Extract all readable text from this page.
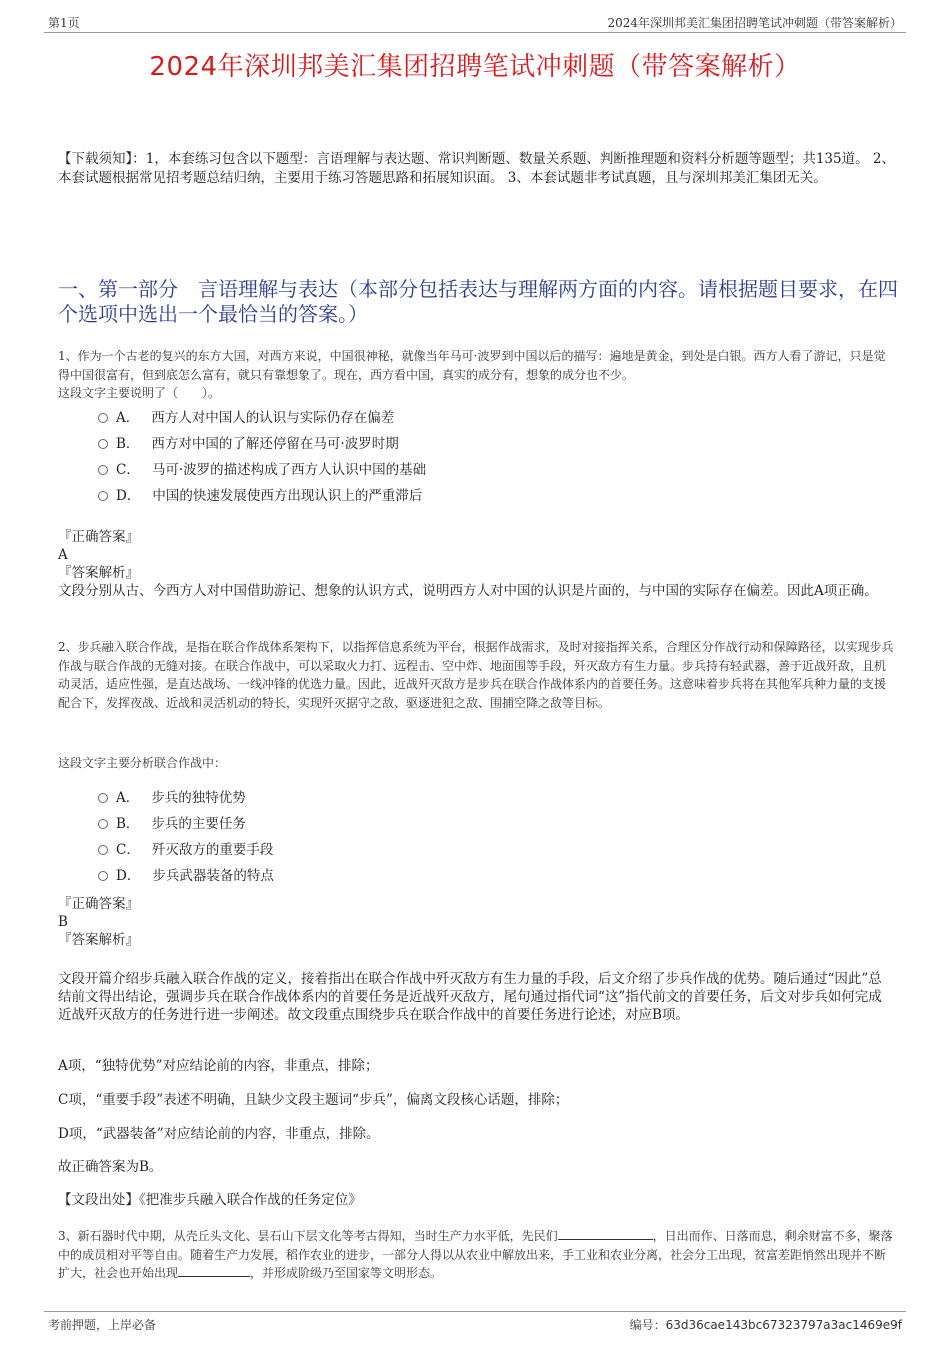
第1页	2024年深圳邦美汇集团招聘笔试冲刺题（带答案解析）
2024年深圳邦美汇集团招聘笔试冲刺题（带答案解析）
【下载须知】：1，本套练习包含以下题型：言语理解与表达题、常识判断题、数量关系题、判断推理题和资料分析题等题型；共135道。 2、本套试题根据常见招考题总结归纳，主要用于练习答题思路和拓展知识面。 3、本套试题非考试真题，且与深圳邦美汇集团无关。
一、第一部分　言语理解与表达（本部分包括表达与理解两方面的内容。请根据题目要求，在四个选项中选出一个最恰当的答案。）
1、作为一个古老的复兴的东方大国，对西方来说，中国很神秘，就像当年马可·波罗到中国以后的描写：遍地是黄金，到处是白银。西方人看了游记，只是觉得中国很富有，但到底怎么富有，就只有靠想象了。现在，西方看中国，真实的成分有，想象的成分也不少。
这段文字主要说明了（　　）。
A． 西方人对中国人的认识与实际仍存在偏差
B． 西方对中国的了解还停留在马可·波罗时期
C． 马可·波罗的描述构成了西方人认识中国的基础
D． 中国的快速发展使西方出现认识上的严重滞后

『正确答案』

A

『答案解析』

文段分别从古、今西方人对中国借助游记、想象的认识方式，说明西方人对中国的认识是片面的，与中国的实际存在偏差。因此A项正确。

2、步兵融入联合作战，是指在联合作战体系架构下，以指挥信息系统为平台，根据作战需求，及时对接指挥关系，合理区分作战行动和保障路径，以实现步兵作战与联合作战的无缝对接。在联合作战中，可以采取火力打、远程击、空中炸、地面围等手段，歼灭敌方有生力量。步兵持有轻武器，善于近战歼敌，且机动灵活，适应性强，是直达战场、一线冲锋的优选力量。因此，近战歼灭敌方是步兵在联合作战体系内的首要任务。这意味着步兵将在其他军兵种力量的支援配合下，发挥夜战、近战和灵活机动的特长，实现歼灭据守之敌、驱逐进犯之敌、围捕空降之敌等目标。
这段文字主要分析联合作战中：
A． 步兵的独特优势
B． 步兵的主要任务
C． 歼灭敌方的重要手段
D． 步兵武器装备的特点

『正确答案』

B

『答案解析』

文段开篇介绍步兵融入联合作战的定义，接着指出在联合作战中歼灭敌方有生力量的手段，后文介绍了步兵作战的优势。随后通过“因此”总结前文得出结论，强调步兵在联合作战体系内的首要任务是近战歼灭敌方，尾句通过指代词“这”指代前文的首要任务，后文对步兵如何完成近战歼灭敌方的任务进行进一步阐述。故文段重点围绕步兵在联合作战中的首要任务进行论述，对应B项。
A项，“独特优势”对应结论前的内容，非重点，排除；
C项，“重要手段”表述不明确，且缺少文段主题词“步兵”，偏离文段核心话题，排除；
D项，“武器装备”对应结论前的内容，非重点，排除。
故正确答案为B。
【文段出处】《把准步兵融入联合作战的任务定位》
3、新石器时代中期，从壳丘头文化、昙石山下层文化等考古得知，当时生产力水平低，先民们	，日出而作、日落而息，剩余财富不多，聚落中的成员相对平等自由。随着生产力发展，稻作农业的进步，一部分人得以从农业中解放出来，手工业和农业分离，社会分工出现，贫富差距悄然出现并不断扩大，社会也开始出现	，并形成阶级乃至国家等文明形态。
考前押题，上岸必备	编号：63d36cae143bc67323797a3ac1469e9f
